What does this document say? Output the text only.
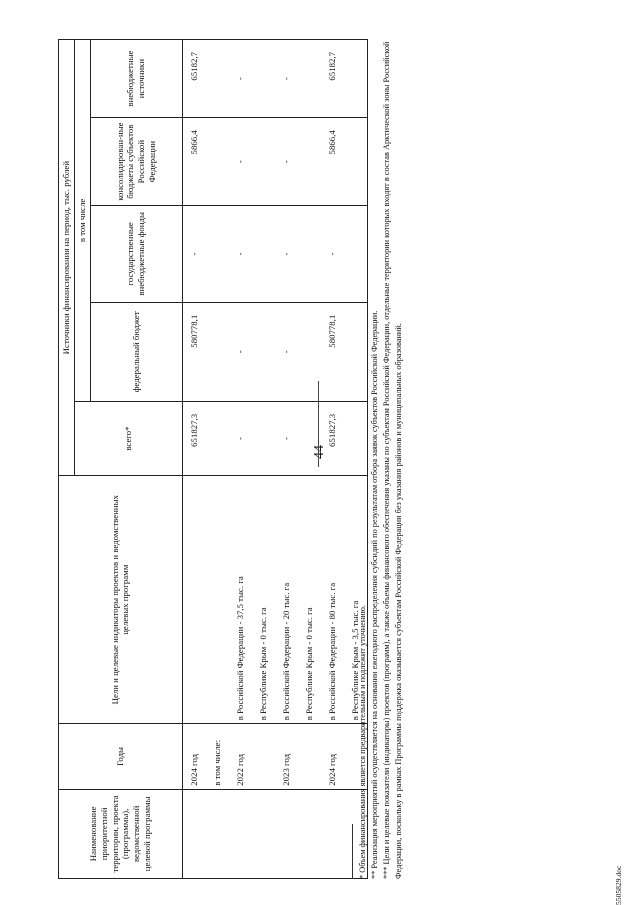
44
Наименование приоритетной территории, проекта (программы), ведомственной целевой программы	Годы	Цели и целевые индикаторы проектов и ведомственных целевых программ	Источники финансирования на период, тыс. рублей				
			всего*	в том числе			
				федеральный бюджет	государственные внебюджетные фонды	консолидирован-ные бюджеты субъектов Российской Федерации	внебюджетные источники
	2024 год		651827,3	580778,1	-	5866,4	65182,7
	в том числе:						
	2022 год	в Российской Федерации - 37,5 тыс. га	-	-	-	-	-
		в Республике Крым - 0 тыс. га					
	2023 год	в Российской Федерации - 20 тыс. га	-	-	-	-	-
		в Республике Крым - 0 тыс. га					
	2024 год	в Российской Федерации - 80 тыс. га	651827,3	580778,1	-	5866,4	65182,7
		в Республике Крым - 3,5 тыс. га					

* Объем финансирования является предварительным и подлежит уточнению. ** Реализация мероприятий осуществляется на основании ежегодного распределения субсидий по результатам отбора заявок субъектов Российской Федерации. *** Цели и целевые показатели (индикаторы) проектов (программ), а также объемы финансового обеспечения указаны по субъектам Российской Федерации, отдельные территории которых входят в состав Арктической зоны Российской Федерации, поскольку в рамках Программы поддержка оказывается субъектам Российской Федерации без указания районов и муниципальных образований.

5505829.doc
